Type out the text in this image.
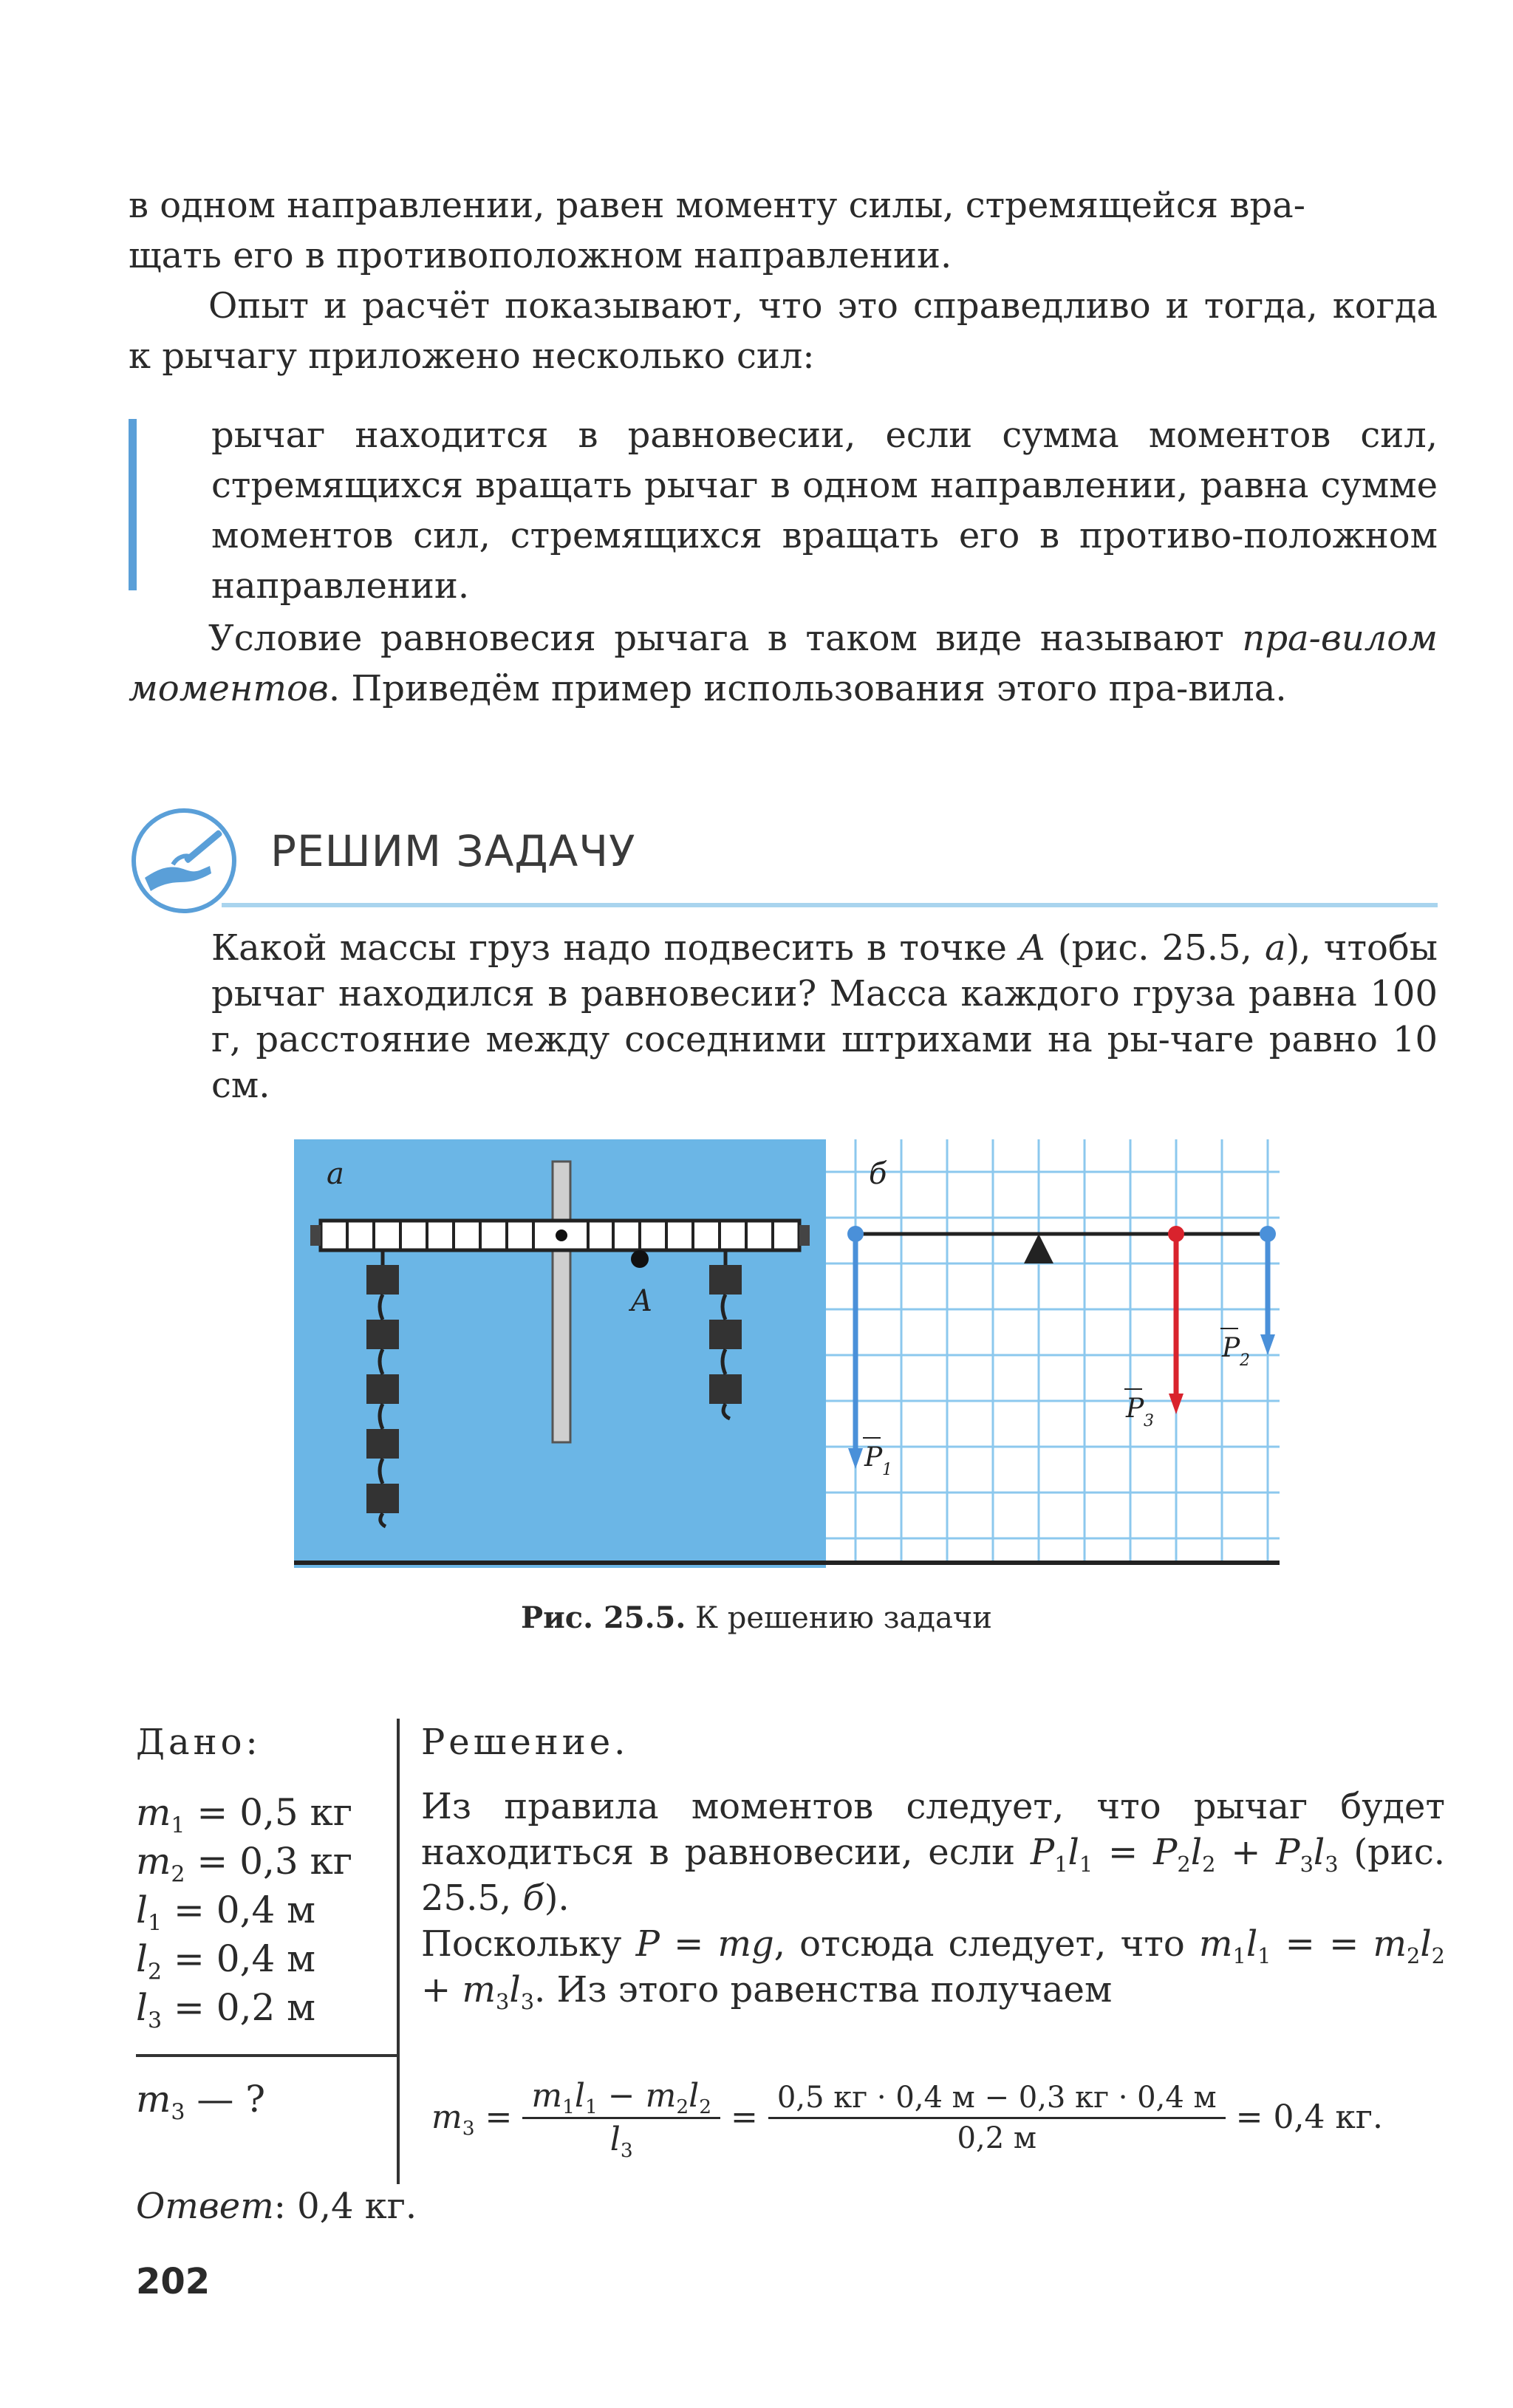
в одном направлении, равен моменту силы, стремящейся вра-
щать его в противоположном направлении.

Опыт и расчёт показывают, что это справедливо и тогда, когда к рычагу приложено несколько сил:

рычаг находится в равновесии, если сумма моментов сил, стремящихся вращать рычаг в одном направлении, равна сумме моментов сил, стремящихся вращать его в противо-положном направлении.

Условие равновесия рычага в таком виде называют пра-вилом моментов. Приведём пример использования этого пра-вила.

РЕШИМ ЗАДАЧУ

Какой массы груз надо подвесить в точке A (рис. 25.5, а), чтобы рычаг находился в равновесии? Масса каждого груза равна 100 г, расстояние между соседними штрихами на ры-чаге равно 10 см.

A
а	б
P 1
P 3
P 2
Рис. 25.5. К решению задачи
Дано:	Решение.
$m_1 = 0,5$ кг
$m_2 = 0,3$ кг
$l_1 = 0,4$ м
$l_2 = 0,4$ м
$l_3 = 0,2$ м
$m_3$ — ?

Из правила моментов следует, что рычаг будет находиться в равновесии, если $P_1l_1 = P_2l_2 + P_3l_3$ (рис. 25.5, б).
Поскольку P = mg, отсюда следует, что $m_1l_1$ = = $m_2l_2 + m_3l_3$. Из этого равенства получаем

$m_3 = \frac{m_1l_1 - m_2l_2}{l_3} = \frac{0,5 кг \cdot 0,4 м - 0,3 кг \cdot 0,4 м}{0,2 м} = 0,4$ кг.
Ответ: 0,4 кг.
202
